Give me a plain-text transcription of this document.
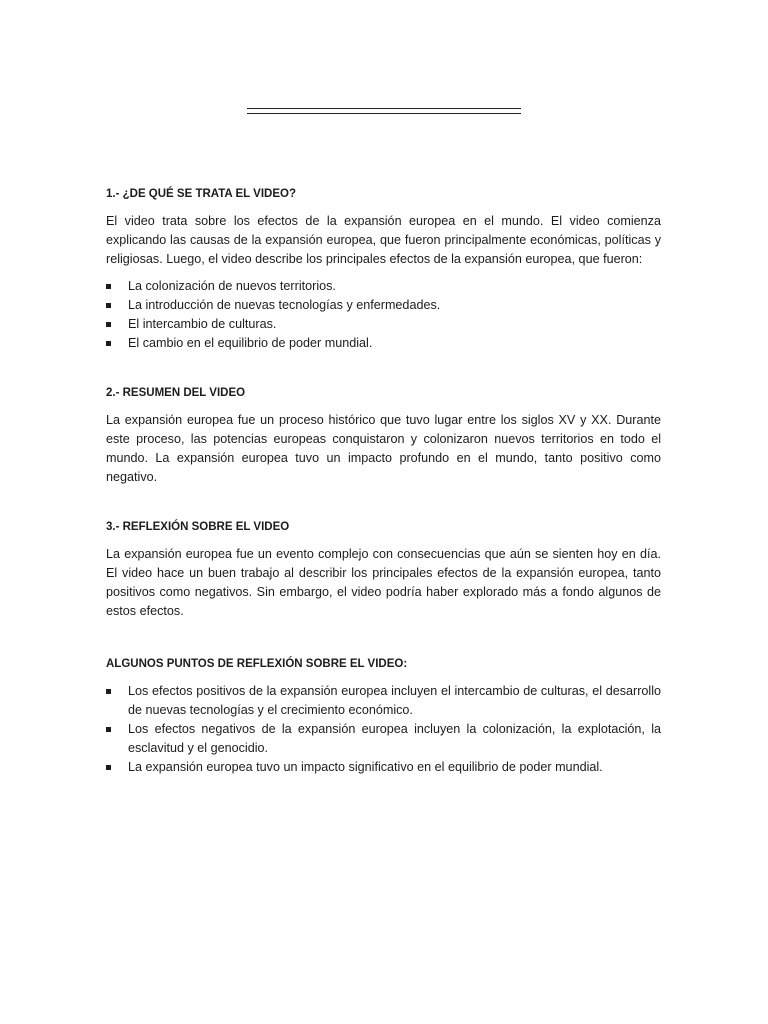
1.- ¿DE QUÉ SE TRATA EL VIDEO?

El video trata sobre los efectos de la expansión europea en el mundo. El video comienza explicando las causas de la expansión europea, que fueron principalmente económicas, políticas y religiosas. Luego, el video describe los principales efectos de la expansión europea, que fueron:

La colonización de nuevos territorios.
La introducción de nuevas tecnologías y enfermedades.
El intercambio de culturas.
El cambio en el equilibrio de poder mundial.
2.- RESUMEN DEL VIDEO

La expansión europea fue un proceso histórico que tuvo lugar entre los siglos XV y XX. Durante este proceso, las potencias europeas conquistaron y colonizaron nuevos territorios en todo el mundo. La expansión europea tuvo un impacto profundo en el mundo, tanto positivo como negativo.

3.- REFLEXIÓN SOBRE EL VIDEO

La expansión europea fue un evento complejo con consecuencias que aún se sienten hoy en día. El video hace un buen trabajo al describir los principales efectos de la expansión europea, tanto positivos como negativos. Sin embargo, el video podría haber explorado más a fondo algunos de estos efectos.

ALGUNOS PUNTOS DE REFLEXIÓN SOBRE EL VIDEO:
Los efectos positivos de la expansión europea incluyen el intercambio de culturas, el desarrollo de nuevas tecnologías y el crecimiento económico.
Los efectos negativos de la expansión europea incluyen la colonización, la explotación, la esclavitud y el genocidio.
La expansión europea tuvo un impacto significativo en el equilibrio de poder mundial.
